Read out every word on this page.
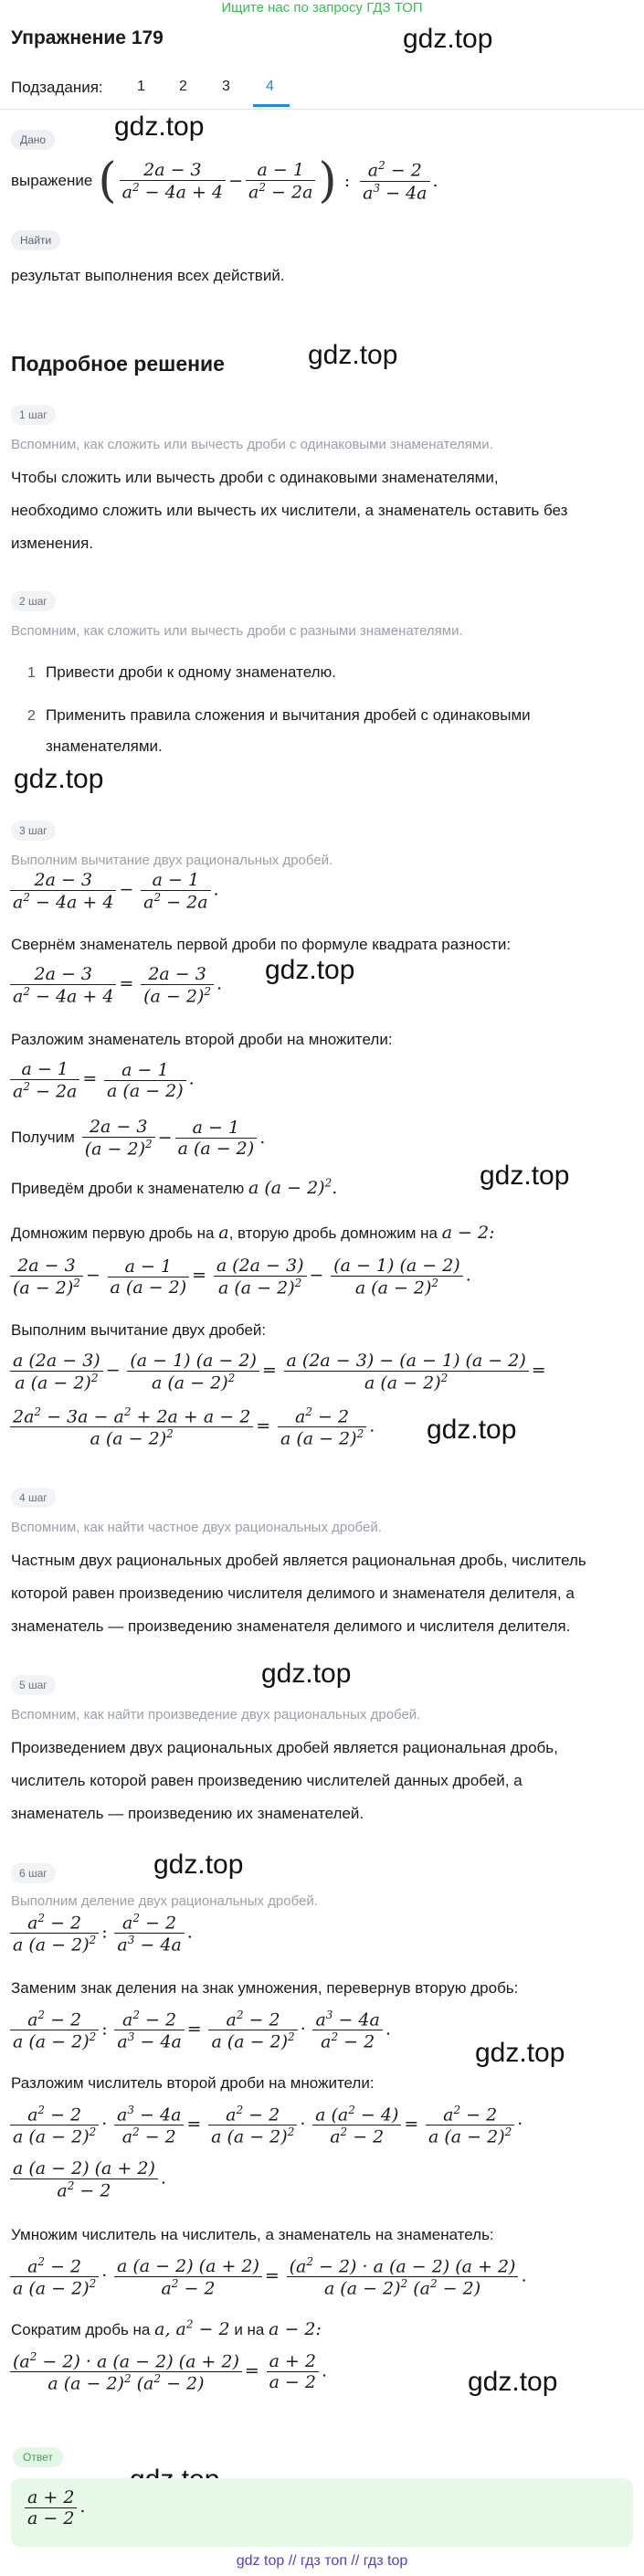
Ищите нас по запросу ГДЗ ТОП
gdz.top
gdz.top
gdz.top
gdz.top
gdz.top
gdz.top
gdz.top
gdz.top
gdz.top
gdz.top
gdz.top
Упражнение 179
Подзадания: 1 2 3 4
Дано
выражение ( $\frac{2a - 3}{a^2 - 4a + 4} - \frac{a - 1}{a^2 - 2a}$ ) : $\frac{a^2 - 2}{a^3 - 4a}$ .
Найти
результат выполнения всех действий.
Подробное решение
1 шаг
Вспомним, как сложить или вычесть дроби с одинаковыми знаменателями.
Чтобы сложить или вычесть дроби с одинаковыми знаменателями,
необходимо сложить или вычесть их числители, а знаменатель оставить без
изменения.
2 шаг
Вспомним, как сложить или вычесть дроби с разными знаменателями.
1 Привести дроби к одному знаменателю.
2 Применить правила сложения и вычитания дробей с одинаковыми
знаменателями.
3 шаг
Выполним вычитание двух рациональных дробей.
$\frac{2a - 3}{a^2 - 4a + 4} - \frac{a - 1}{a^2 - 2a}$ .
Свернём знаменатель первой дроби по формуле квадрата разности:
$\frac{2a - 3}{a^2 - 4a + 4} = \frac{2a - 3}{(a - 2)^2}$ .
Разложим знаменатель второй дроби на множители:
$\frac{a - 1}{a^2 - 2a} = \frac{a - 1}{a (a - 2)}$ .
Получим $\frac{2a - 3}{(a - 2)^2} - \frac{a - 1}{a (a - 2)}$ .
Приведём дроби к знаменателю a $(a - 2)^2$.
Домножим первую дробь на a, вторую дробь домножим на a − 2:
$\frac{2a - 3}{(a - 2)^2} - \frac{a - 1}{a (a - 2)} = \frac{a (2a - 3)}{a (a - 2)^2} - \frac{(a - 1) (a - 2)}{a (a - 2)^2}$ .
Выполним вычитание двух дробей:
$\frac{a (2a - 3)}{a (a - 2)^2} - \frac{(a - 1) (a - 2)}{a (a - 2)^2} = \frac{a (2a - 3) - (a - 1) (a - 2)}{a (a - 2)^2}$ =
$\frac{2a^2 - 3a - a^2 + 2a + a - 2}{a (a - 2)^2} = \frac{a^2 - 2}{a (a - 2)^2}$ .
4 шаг
Вспомним, как найти частное двух рациональных дробей.
Частным двух рациональных дробей является рациональная дробь, числитель
которой равен произведению числителя делимого и знаменателя делителя, а
знаменатель — произведению знаменателя делимого и числителя делителя.
5 шаг
Вспомним, как найти произведение двух рациональных дробей.
Произведением двух рациональных дробей является рациональная дробь,
числитель которой равен произведению числителей данных дробей, а
знаменатель — произведению их знаменателей.
6 шаг
Выполним деление двух рациональных дробей.
$\frac{a^2 - 2}{a (a - 2)^2}$ : $\frac{a^2 - 2}{a^3 - 4a}$ .
Заменим знак деления на знак умножения, перевернув вторую дробь:
$\frac{a^2 - 2}{a (a - 2)^2}$ : $\frac{a^2 - 2}{a^3 - 4a} = \frac{a^2 - 2}{a (a - 2)^2} \cdot \frac{a^3 - 4a}{a^2 - 2}$ .
Разложим числитель второй дроби на множители:
$\frac{a^2 - 2}{a (a - 2)^2} \cdot \frac{a^3 - 4a}{a^2 - 2} = \frac{a^2 - 2}{a (a - 2)^2} \cdot \frac{a (a^2 - 4)}{a^2 - 2} = \frac{a^2 - 2}{a (a - 2)^2}$ ·
$\frac{a (a - 2) (a + 2)}{a^2 - 2}$ .
Умножим числитель на числитель, а знаменатель на знаменатель:
$\frac{a^2 - 2}{a (a - 2)^2} \cdot \frac{a (a - 2) (a + 2)}{a^2 - 2} = \frac{(a^2 - 2) \cdot a (a - 2) (a + 2)}{a (a - 2)^2 (a^2 - 2)}$ .
Сократим дробь на a, $a^2 - 2$ и на a − 2:
$\frac{(a^2 - 2) \cdot a (a - 2) (a + 2)}{a (a - 2)^2 (a^2 - 2)} = \frac{a + 2}{a - 2}$ .
Ответ
$\frac{a + 2}{a - 2}$ .
gdz top // гдз топ // гдз top
